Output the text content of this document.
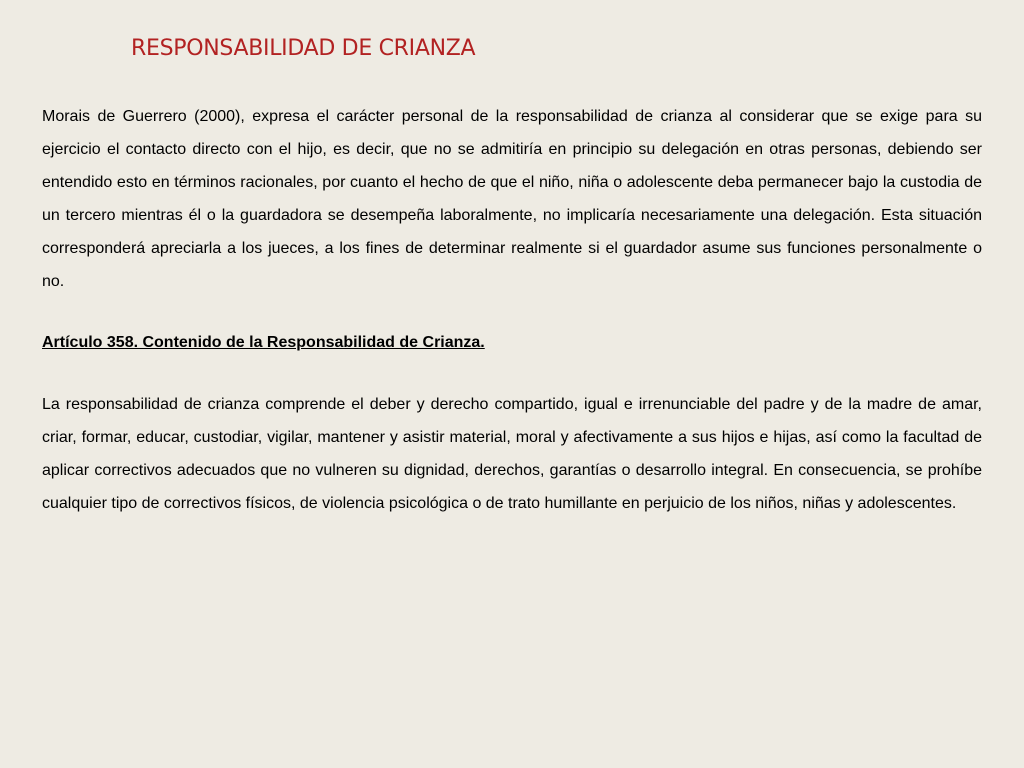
RESPONSABILIDAD DE CRIANZA

Morais de Guerrero (2000), expresa el carácter personal de la responsabilidad de crianza al considerar que se exige para su ejercicio el contacto directo con el hijo, es decir, que no se admitiría en principio su delegación en otras personas, debiendo ser entendido esto en términos racionales, por cuanto el hecho de que el niño, niña o adolescente deba permanecer bajo la custodia de un tercero mientras él o la guardadora se desempeña laboralmente, no implicaría necesariamente una delegación. Esta situación corresponderá apreciarla a los jueces, a los fines de determinar realmente si el guardador asume sus funciones personalmente o no.

Artículo 358. Contenido de la Responsabilidad de Crianza.

La responsabilidad de crianza comprende el deber y derecho compartido, igual e irrenunciable del padre y de la madre de amar, criar, formar, educar, custodiar, vigilar, mantener y asistir material, moral y afectivamente a sus hijos e hijas, así como la facultad de aplicar correctivos adecuados que no vulneren su dignidad, derechos, garantías o desarrollo integral. En consecuencia, se prohíbe cualquier tipo de correctivos físicos, de violencia psicológica o de trato humillante en perjuicio de los niños, niñas y adolescentes.
